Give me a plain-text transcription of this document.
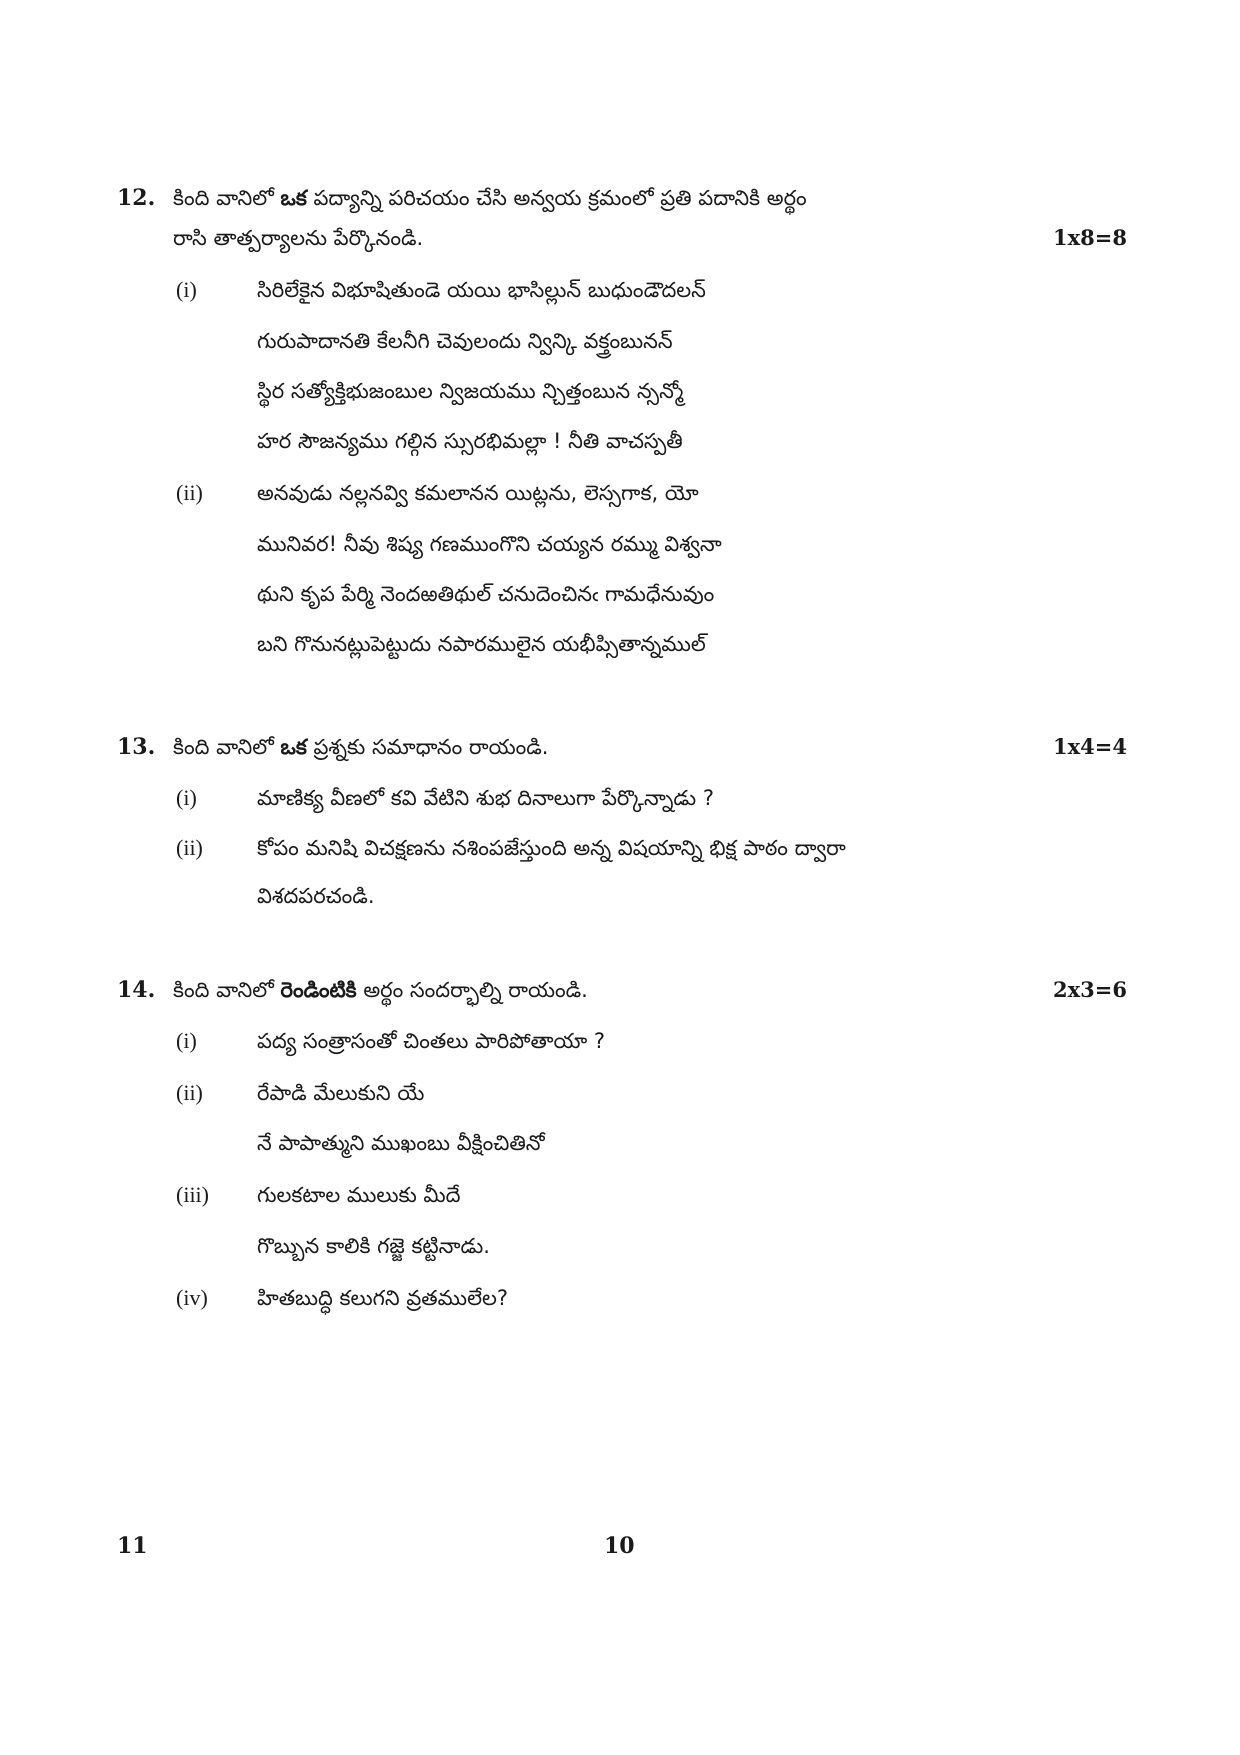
12. కింది వానిలో ఒక పద్యాన్ని పరిచయం చేసి అన్వయ క్రమంలో ప్రతి పదానికి అర్థం
రాసి తాత్పర్యాలను పేర్కొనండి.	1x8=8
(i)	సిరిలేకైన విభూషితుండె యయి భాసిల్లున్ బుధుండౌదలన్
గురుపాదానతి కేలనీగి చెవులందు న్విన్కి వక్త్రంబునన్
స్థిర సత్యోక్తిభుజంబుల న్విజయము న్చిత్తంబున న్సన్మో
హర సౌజన్యము గల్గిన స్సురభిమల్లా ! నీతి వాచస్పతీ
(ii)	అనవుడు నల్లనవ్వి కమలానన యిట్లను, లెస్సగాక, యో
మునివర! నీవు శిష్య గణముంగొని చయ్యన రమ్ము విశ్వనా
థుని కృప పేర్మి నెందఱతిథుల్ చనుదెంచినఁ గామధేనువుం
బని గొనునట్లుపెట్టుదు నపారములైన యభీప్సితాన్నముల్
13. కింది వానిలో ఒక ప్రశ్నకు సమాధానం రాయండి.	1x4=4
(i)	మాణిక్య వీణలో కవి వేటిని శుభ దినాలుగా పేర్కొన్నాడు ?
(ii)	కోపం మనిషి విచక్షణను నశింపజేస్తుంది అన్న విషయాన్ని భిక్ష పాఠం ద్వారా
విశదపరచండి.
14. కింది వానిలో రెండింటికి అర్థం సందర్భాల్ని రాయండి.	2x3=6
(i)	పద్య సంత్రాసంతో చింతలు పారిపోతాయా ?
(ii)	రేపాడి మేలుకుని యే
నే పాపాత్ముని ముఖంబు వీక్షించితినో
(iii) గులకటాల ములుకు మీదే
గొబ్బున కాలికి గజ్జె కట్టినాడు.
(iv) హితబుద్ధి కలుగని వ్రతములేల?
11	10
